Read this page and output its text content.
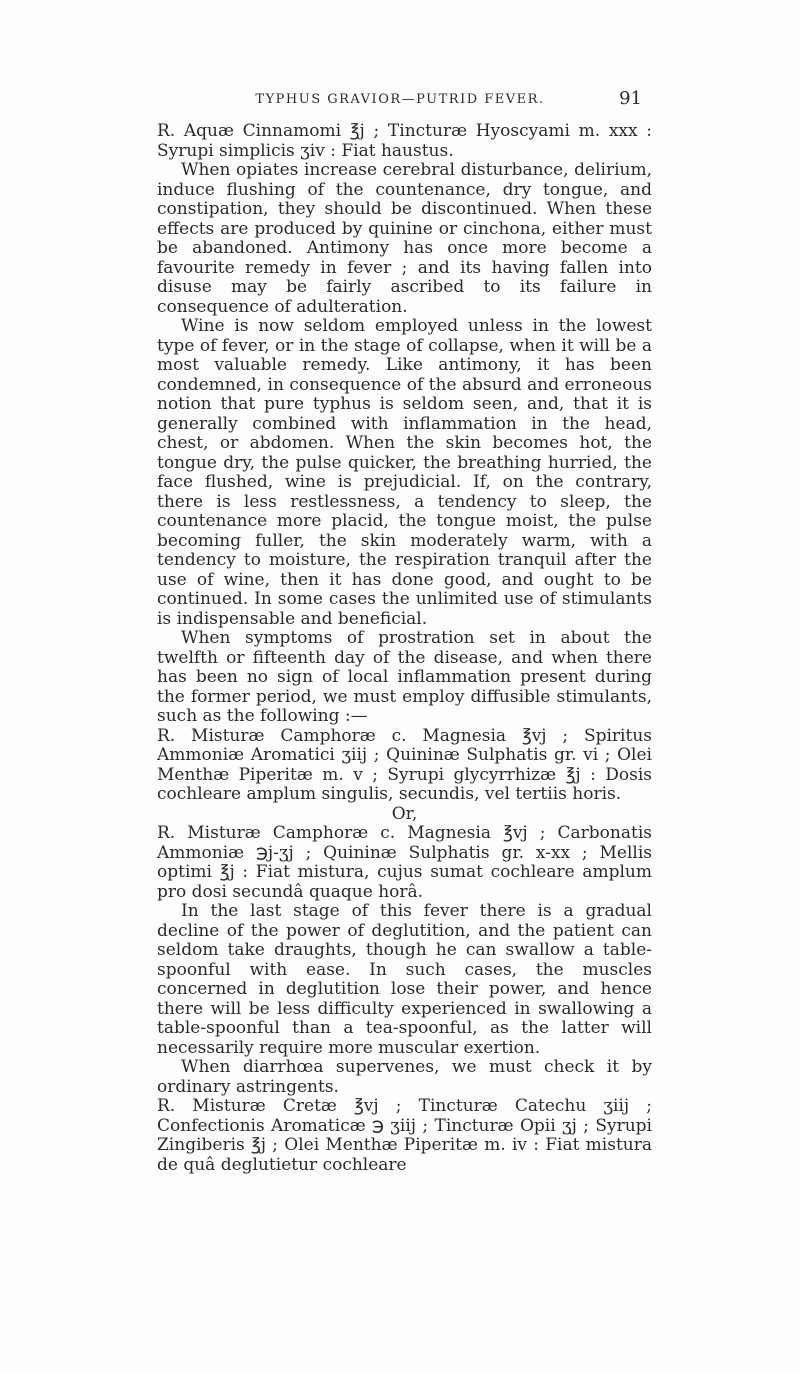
TYPHUS GRAVIOR—PUTRID FEVER.	91

R. Aquæ Cinnamomi ℥j ; Tincturæ Hyoscyami m. xxx : Syrupi simplicis ʒiv : Fiat haustus.

When opiates increase cerebral disturbance, delirium, induce flushing of the countenance, dry tongue, and constipation, they should be discontinued. When these effects are produced by quinine or cinchona, either must be abandoned. Antimony has once more become a favourite remedy in fever ; and its having fallen into disuse may be fairly ascribed to its failure in consequence of adulteration.

Wine is now seldom employed unless in the lowest type of fever, or in the stage of collapse, when it will be a most valuable remedy. Like antimony, it has been condemned, in consequence of the absurd and erroneous notion that pure typhus is seldom seen, and, that it is generally combined with inflammation in the head, chest, or abdomen. When the skin becomes hot, the tongue dry, the pulse quicker, the breathing hurried, the face flushed, wine is prejudicial. If, on the contrary, there is less restlessness, a tendency to sleep, the countenance more placid, the tongue moist, the pulse becoming fuller, the skin moderately warm, with a tendency to moisture, the respiration tranquil after the use of wine, then it has done good, and ought to be continued. In some cases the unlimited use of stimulants is indispensable and beneficial.

When symptoms of prostration set in about the twelfth or fifteenth day of the disease, and when there has been no sign of local inflammation present during the former period, we must employ diffusible stimulants, such as the following :—

R. Misturæ Camphoræ c. Magnesia ℥vj ; Spiritus Ammoniæ Aromatici ʒiij ; Quininæ Sulphatis gr. vi ; Olei Menthæ Piperitæ m. v ; Syrupi glycyrrhizæ ℥j : Dosis cochleare amplum singulis, secundis, vel tertiis horis.

Or,

R. Misturæ Camphoræ c. Magnesia ℥vj ; Carbonatis Ammoniæ ℈j-ʒj ; Quininæ Sulphatis gr. x-xx ; Mellis optimi ℥j : Fiat mistura, cujus sumat cochleare amplum pro dosi secundâ quaque horâ.

In the last stage of this fever there is a gradual decline of the power of deglutition, and the patient can seldom take draughts, though he can swallow a table-spoonful with ease. In such cases, the muscles concerned in deglutition lose their power, and hence there will be less difficulty experienced in swallowing a table-spoonful than a tea-spoonful, as the latter will necessarily require more muscular exertion.

When diarrhœa supervenes, we must check it by ordinary astringents.

R. Misturæ Cretæ ℥vj ; Tincturæ Catechu ʒiij ; Confectionis Aromaticæ ℈ ʒiij ; Tincturæ Opii ʒj ; Syrupi Zingiberis ℥j ; Olei Menthæ Piperitæ m. iv : Fiat mistura de quâ deglutietur cochleare
